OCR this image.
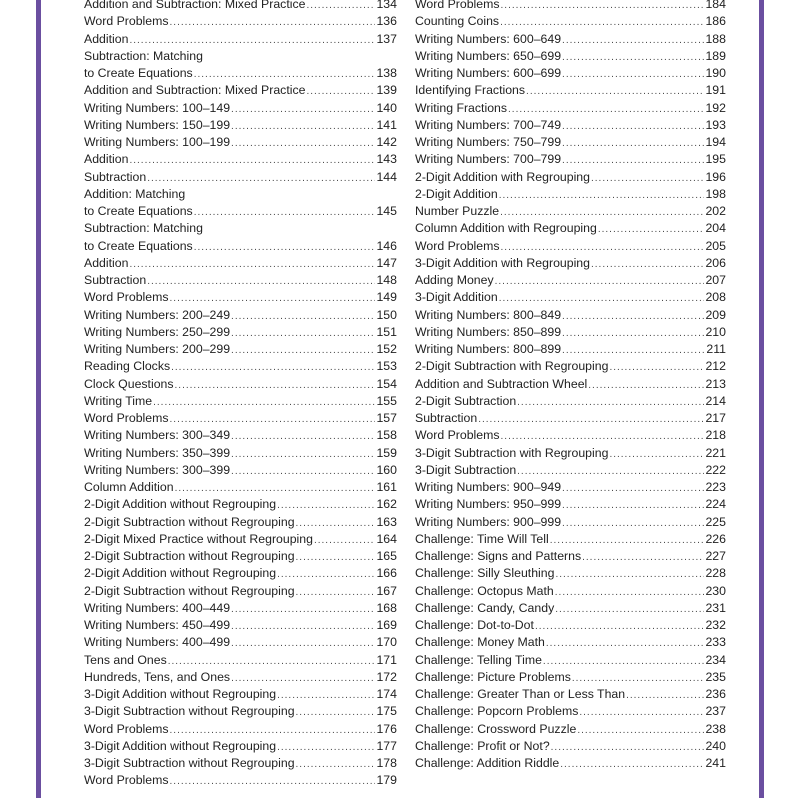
Addition and Subtraction: Mixed Practice .....	134
Word Problems .....	136
Addition .....	137
Subtraction: Matching
to Create Equations .....	138
Addition and Subtraction: Mixed Practice .....	139
Writing Numbers: 100–149 .....	140
Writing Numbers: 150–199 .....	141
Writing Numbers: 100–199 .....	142
Addition .....	143
Subtraction .....	144
Addition: Matching
to Create Equations .....	145
Subtraction: Matching
to Create Equations .....	146
Addition .....	147
Subtraction .....	148
Word Problems .....	149
Writing Numbers: 200–249 .....	150
Writing Numbers: 250–299 .....	151
Writing Numbers: 200–299 .....	152
Reading Clocks .....	153
Clock Questions .....	154
Writing Time .....	155
Word Problems .....	157
Writing Numbers: 300–349 .....	158
Writing Numbers: 350–399 .....	159
Writing Numbers: 300–399 .....	160
Column Addition .....	161
2-Digit Addition without Regrouping .....	162
2-Digit Subtraction without Regrouping .....	163
2-Digit Mixed Practice without Regrouping .....	164
2-Digit Subtraction without Regrouping .....	165
2-Digit Addition without Regrouping .....	166
2-Digit Subtraction without Regrouping .....	167
Writing Numbers: 400–449 .....	168
Writing Numbers: 450–499 .....	169
Writing Numbers: 400–499 .....	170
Tens and Ones .....	171
Hundreds, Tens, and Ones .....	172
3-Digit Addition without Regrouping .....	174
3-Digit Subtraction without Regrouping .....	175
Word Problems .....	176
3-Digit Addition without Regrouping .....	177
3-Digit Subtraction without Regrouping .....	178
Word Problems .....	179
Word Problems .....	184
Counting Coins .....	186
Writing Numbers: 600–649 .....	188
Writing Numbers: 650–699 .....	189
Writing Numbers: 600–699 .....	190
Identifying Fractions .....	191
Writing Fractions .....	192
Writing Numbers: 700–749 .....	193
Writing Numbers: 750–799 .....	194
Writing Numbers: 700–799 .....	195
2-Digit Addition with Regrouping .....	196
2-Digit Addition .....	198
Number Puzzle .....	202
Column Addition with Regrouping .....	204
Word Problems .....	205
3-Digit Addition with Regrouping .....	206
Adding Money .....	207
3-Digit Addition .....	208
Writing Numbers: 800–849 .....	209
Writing Numbers: 850–899 .....	210
Writing Numbers: 800–899 .....	211
2-Digit Subtraction with Regrouping .....	212
Addition and Subtraction Wheel .....	213
2-Digit Subtraction .....	214
Subtraction .....	217
Word Problems .....	218
3-Digit Subtraction with Regrouping .....	221
3-Digit Subtraction .....	222
Writing Numbers: 900–949 .....	223
Writing Numbers: 950–999 .....	224
Writing Numbers: 900–999 .....	225
Challenge: Time Will Tell .....	226
Challenge: Signs and Patterns .....	227
Challenge: Silly Sleuthing .....	228
Challenge: Octopus Math .....	230
Challenge: Candy, Candy .....	231
Challenge: Dot-to-Dot .....	232
Challenge: Money Math .....	233
Challenge: Telling Time .....	234
Challenge: Picture Problems .....	235
Challenge: Greater Than or Less Than .....	236
Challenge: Popcorn Problems .....	237
Challenge: Crossword Puzzle .....	238
Challenge: Profit or Not? .....	240
Challenge: Addition Riddle .....	241
